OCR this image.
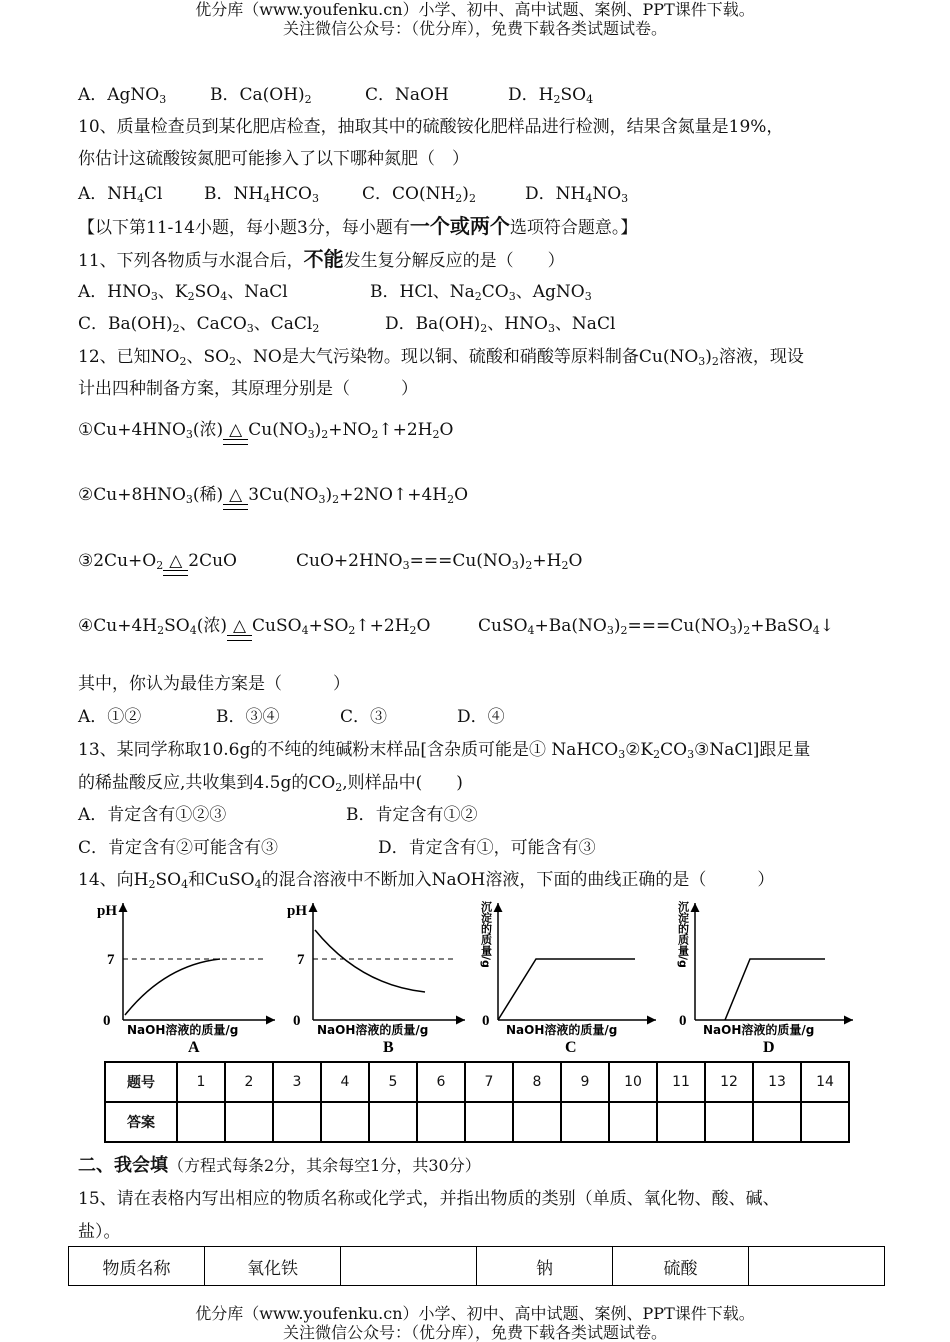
优分库（www.youfenku.cn）小学、初中、高中试题、案例、PPT课件下载。
关注微信公众号：（优分库），免费下载各类试题试卷。
A．AgNO$_3$	B．$Ca(OH)_2$	C．NaOH	D．$H_2SO_4$
10、质量检查员到某化肥店检查，抽取其中的硫酸铵化肥样品进行检测，结果含氮量是19%，
你估计这硫酸铵氮肥可能掺入了以下哪种氮肥（　）
A．$NH_4Cl$ B．$NH_4HCO_3$	C．$CO(NH_2)_2$	D．$NH_4NO_3$
【以下第11-14小题，每小题3分，每小题有一个或两个选项符合题意。】
11、下列各物质与水混合后，不能发生复分解反应的是（　　）
A．$HNO_3$、$K_2SO_4$、NaCl	B．HCl、$Na_2CO_3$、AgNO$_3$
C．$Ba(OH)_2$、CaCO$_3$、CaCl$_2$	D．$Ba(OH)_2$、$HNO_3$、NaCl
12、已知$NO_2$、$SO_2$、NO是大气污染物。现以铜、硫酸和硝酸等原料制备$Cu(NO_3)_2$溶液，现设
计出四种制备方案，其原理分别是（　　　）
$①Cu+4HNO_3$(浓) △ $Cu(NO_3)_2+NO_2↑+2H_2O$
$②Cu+8HNO_3$(稀) △ $3Cu(NO_3)_2+2NO↑+4H_2O$
$③2Cu+O_2$ △ 2CuO	$CuO+2HNO_3===Cu(NO_3)_2+H_2O$
$④Cu+4H_2SO_4$(浓) △ $CuSO_4+SO_2↑+2H_2O$	$CuSO_4+Ba(NO_3)_2===Cu(NO_3)_2+BaSO_4↓$
其中，你认为最佳方案是（　　　）
A．①②	B．③④	C．③	D．④
13、某同学称取10.6g的不纯的纯碱粉末样品[含杂质可能是① $NaHCO_3②K_2CO_3③NaCl$]跟足量
的稀盐酸反应,共收集到4.5g的$CO_2$,则样品中(　　)
A．肯定含有①②③	B．肯定含有①②
C．肯定含有②可能含有③	D．肯定含有①，可能含有③
14、向$H_2SO_4$和CuSO$_4$的混合溶液中不断加入NaOH溶液，下面的曲线正确的是（　　　）
pH
7
0
NaOH溶液的质量/g
A
pH
7
0
NaOH溶液的质量/g
B
沉淀的质量/g
0
NaOH溶液的质量/g
C
沉淀的质量/g
0
NaOH溶液的质量/g
D
题号	1	2	3	4	5	6	7	8	9	10	11	12	13	14
答案														
二、我会填（方程式每条2分，其余每空1分，共30分）
15、请在表格内写出相应的物质名称或化学式，并指出物质的类别（单质、氧化物、酸、碱、
盐）。
物质名称	氧化铁		钠	硫酸	
优分库（www.youfenku.cn）小学、初中、高中试题、案例、PPT课件下载。
关注微信公众号：（优分库），免费下载各类试题试卷。
